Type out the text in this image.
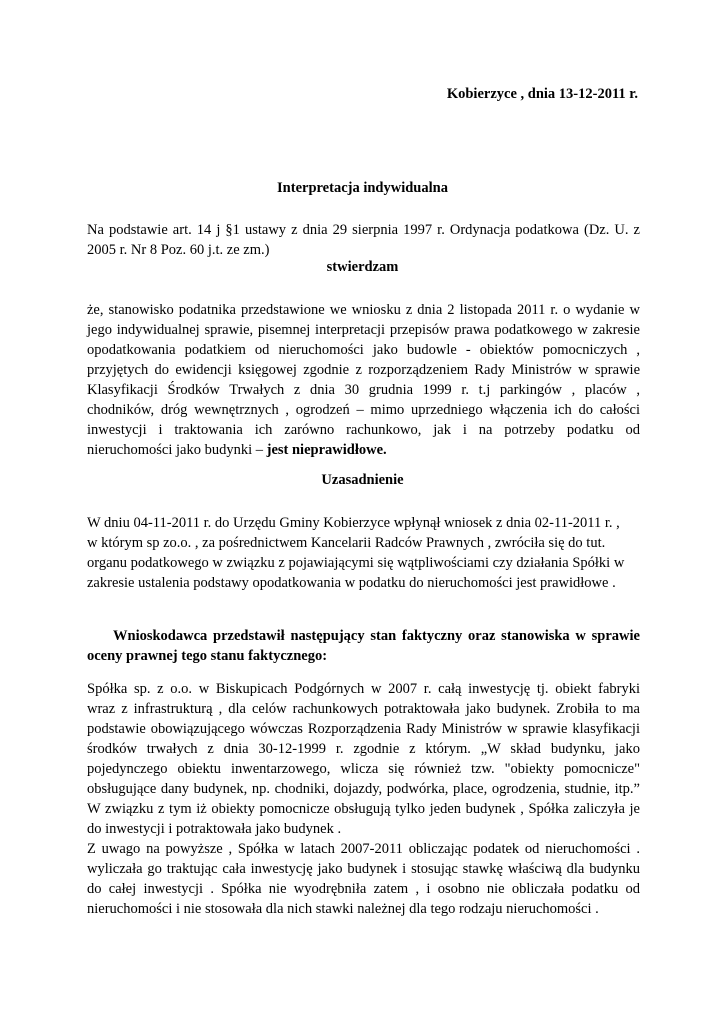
Kobierzyce , dnia 13-12-2011 r.
Interpretacja indywidualna
Na podstawie art. 14 j §1 ustawy z dnia 29 sierpnia 1997 r. Ordynacja podatkowa (Dz. U. z
2005 r. Nr 8 Poz. 60 j.t. ze zm.)
stwierdzam
że, stanowisko podatnika przedstawione we wniosku z dnia 2 listopada 2011 r. o wydanie w
jego indywidualnej sprawie, pisemnej interpretacji przepisów prawa podatkowego w zakresie
opodatkowania podatkiem od nieruchomości jako budowle - obiektów pomocniczych ,
przyjętych do ewidencji księgowej zgodnie z rozporządzeniem Rady Ministrów w sprawie
Klasyfikacji Środków Trwałych z dnia 30 grudnia 1999 r. t.j parkingów , placów ,
chodników, dróg wewnętrznych , ogrodzeń – mimo uprzedniego włączenia ich do całości
inwestycji i traktowania ich zarówno rachunkowo, jak i na potrzeby podatku od
nieruchomości jako budynki – jest nieprawidłowe.
Uzasadnienie
W dniu 04-11-2011 r. do Urzędu Gminy Kobierzyce wpłynął wniosek z dnia 02-11-2011 r. ,
w którym sp zo.o. , za pośrednictwem Kancelarii Radców Prawnych , zwróciła się do tut.
organu podatkowego w związku z pojawiającymi się wątpliwościami czy działania Spółki w
zakresie ustalenia podstawy opodatkowania w podatku do nieruchomości jest prawidłowe .
Wnioskodawca przedstawił następujący stan faktyczny oraz stanowiska w sprawie
oceny prawnej tego stanu faktycznego:
Spółka sp. z o.o. w Biskupicach Podgórnych w 2007 r. całą inwestycję tj. obiekt fabryki
wraz z infrastrukturą , dla celów rachunkowych potraktowała jako budynek. Zrobiła to ma
podstawie obowiązującego wówczas Rozporządzenia Rady Ministrów w sprawie klasyfikacji
środków trwałych z dnia 30-12-1999 r. zgodnie z którym. „W skład budynku, jako
pojedynczego obiektu inwentarzowego, wlicza się również tzw. "obiekty pomocnicze"
obsługujące dany budynek, np. chodniki, dojazdy, podwórka, place, ogrodzenia, studnie, itp.”
W związku z tym iż obiekty pomocnicze obsługują tylko jeden budynek , Spółka zaliczyła je
do inwestycji i potraktowała jako budynek .
Z uwago na powyższe , Spółka w latach 2007-2011 obliczając podatek od nieruchomości .
wyliczała go traktując cała inwestycję jako budynek i stosując stawkę właściwą dla budynku
do całej inwestycji . Spółka nie wyodrębniła zatem , i osobno nie obliczała podatku od
nieruchomości i nie stosowała dla nich stawki należnej dla tego rodzaju nieruchomości .
